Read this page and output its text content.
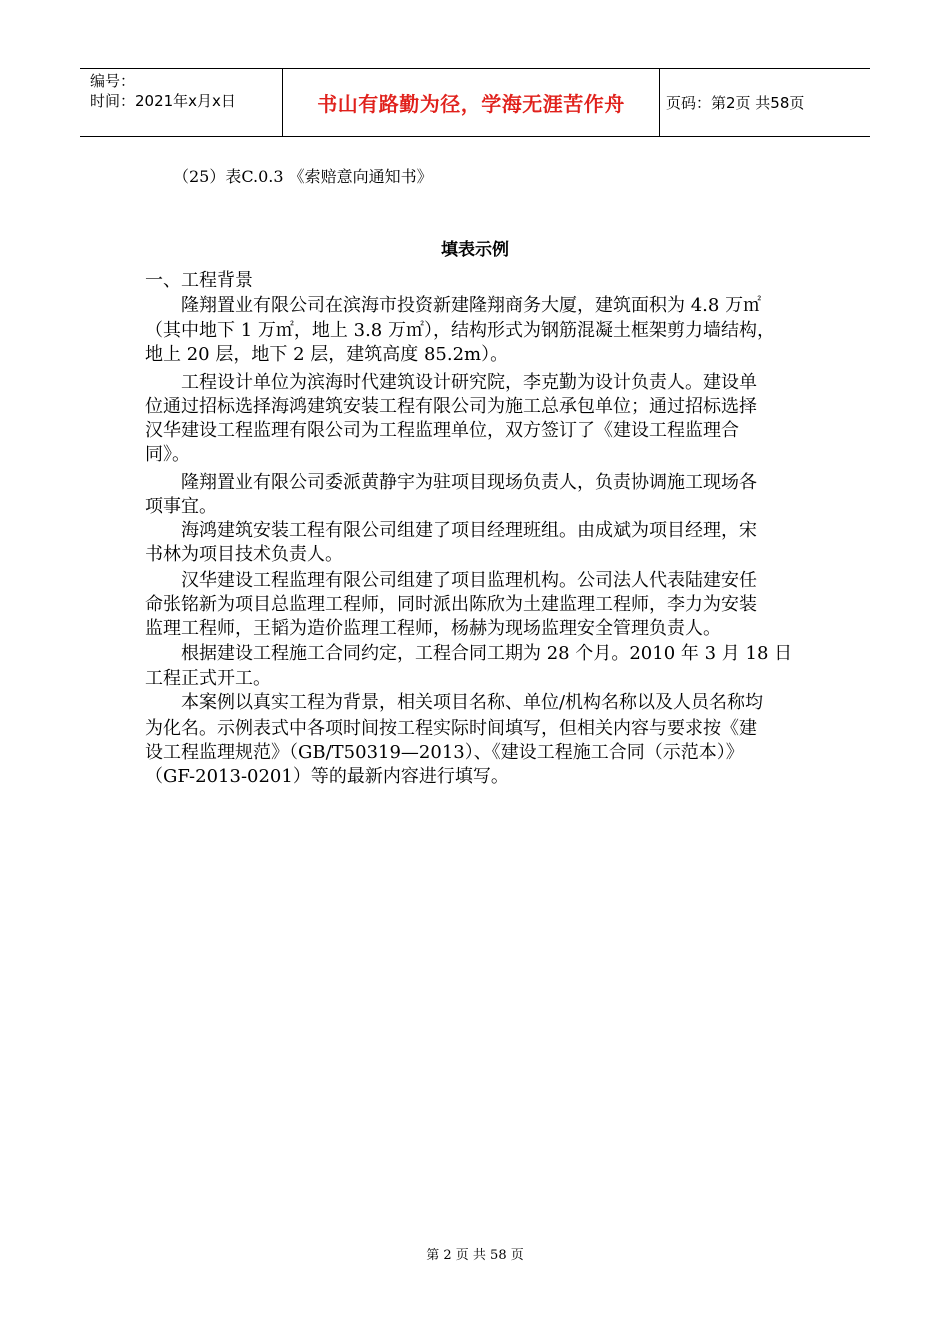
编号：
时间：2021年x月x日	书山有路勤为径，学海无涯苦作舟	页码：第2页 共58页
（25）表C.0.3 《索赔意向通知书》
填表示例
一、工程背景
隆翔置业有限公司在滨海市投资新建隆翔商务大厦，建筑面积为 4.8 万㎡
（其中地下 1 万㎡，地上 3.8 万㎡），结构形式为钢筋混凝土框架剪力墙结构，
地上 20 层，地下 2 层，建筑高度 85.2m）。
工程设计单位为滨海时代建筑设计研究院，李克勤为设计负责人。建设单
位通过招标选择海鸿建筑安装工程有限公司为施工总承包单位；通过招标选择
汉华建设工程监理有限公司为工程监理单位，双方签订了《建设工程监理合
同》。
隆翔置业有限公司委派黄静宇为驻项目现场负责人，负责协调施工现场各
项事宜。
海鸿建筑安装工程有限公司组建了项目经理班组。由成斌为项目经理，宋
书林为项目技术负责人。
汉华建设工程监理有限公司组建了项目监理机构。公司法人代表陆建安任
命张铭新为项目总监理工程师，同时派出陈欣为土建监理工程师，李力为安装
监理工程师，王韬为造价监理工程师，杨赫为现场监理安全管理负责人。
根据建设工程施工合同约定，工程合同工期为 28 个月。2010 年 3 月 18 日
工程正式开工。
本案例以真实工程为背景，相关项目名称、单位/机构名称以及人员名称均
为化名。示例表式中各项时间按工程实际时间填写，但相关内容与要求按《建
设工程监理规范》（GB/T50319—2013）、《建设工程施工合同（示范本）》
（GF-2013-0201）等的最新内容进行填写。
第 2 页 共 58 页
